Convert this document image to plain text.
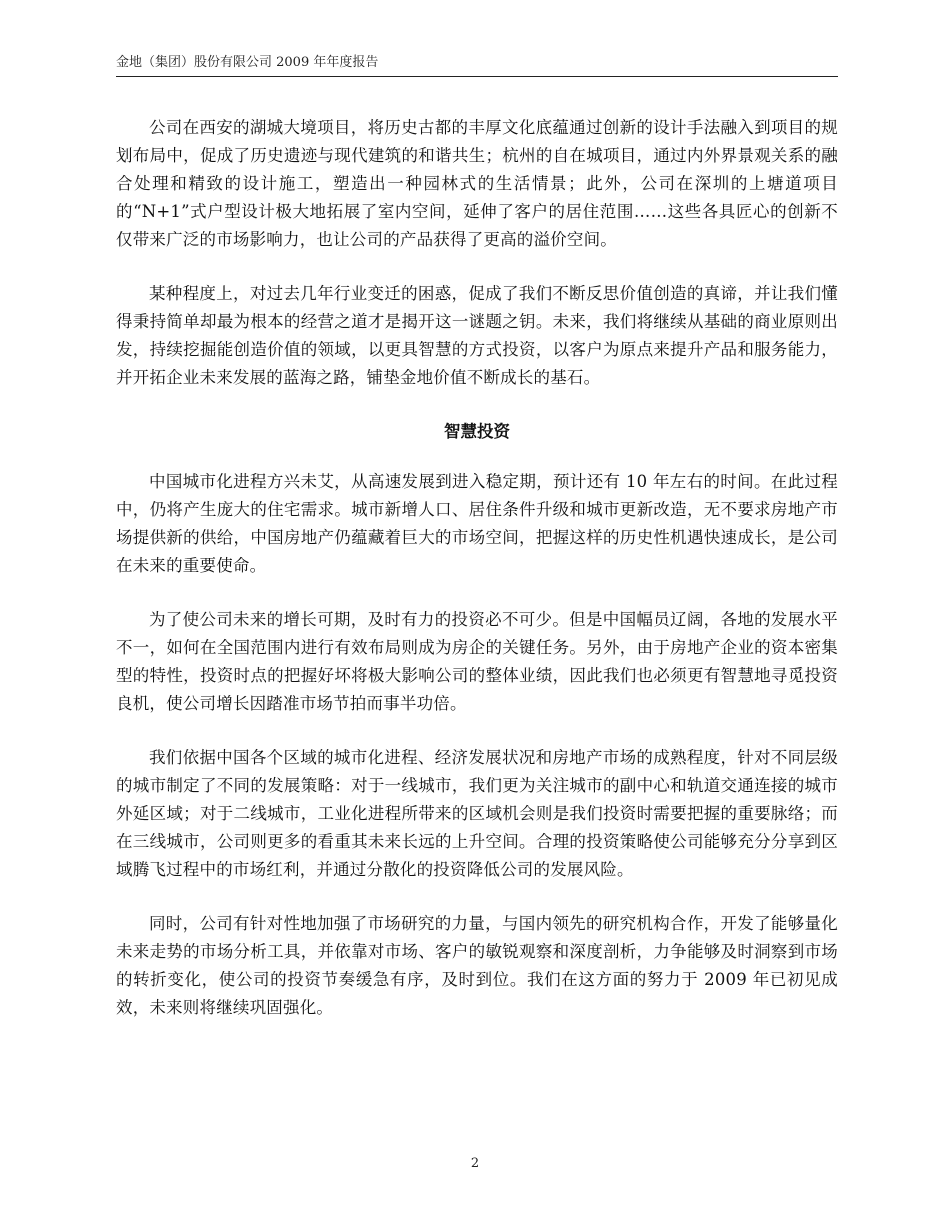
金地（集团）股份有限公司 2009 年年度报告

公司在西安的湖城大境项目，将历史古都的丰厚文化底蕴通过创新的设计手法融入到项目的规划布局中，促成了历史遗迹与现代建筑的和谐共生；杭州的自在城项目，通过内外界景观关系的融合处理和精致的设计施工，塑造出一种园林式的生活情景；此外，公司在深圳的上塘道项目的“N+1”式户型设计极大地拓展了室内空间，延伸了客户的居住范围……这些各具匠心的创新不仅带来广泛的市场影响力，也让公司的产品获得了更高的溢价空间。

某种程度上，对过去几年行业变迁的困惑，促成了我们不断反思价值创造的真谛，并让我们懂得秉持简单却最为根本的经营之道才是揭开这一谜题之钥。未来，我们将继续从基础的商业原则出发，持续挖掘能创造价值的领域，以更具智慧的方式投资，以客户为原点来提升产品和服务能力，并开拓企业未来发展的蓝海之路，铺垫金地价值不断成长的基石。

智慧投资

中国城市化进程方兴未艾，从高速发展到进入稳定期，预计还有 10 年左右的时间。在此过程中，仍将产生庞大的住宅需求。城市新增人口、居住条件升级和城市更新改造，无不要求房地产市场提供新的供给，中国房地产仍蕴藏着巨大的市场空间，把握这样的历史性机遇快速成长，是公司在未来的重要使命。

为了使公司未来的增长可期，及时有力的投资必不可少。但是中国幅员辽阔，各地的发展水平不一，如何在全国范围内进行有效布局则成为房企的关键任务。另外，由于房地产企业的资本密集型的特性，投资时点的把握好坏将极大影响公司的整体业绩，因此我们也必须更有智慧地寻觅投资良机，使公司增长因踏准市场节拍而事半功倍。

我们依据中国各个区域的城市化进程、经济发展状况和房地产市场的成熟程度，针对不同层级的城市制定了不同的发展策略：对于一线城市，我们更为关注城市的副中心和轨道交通连接的城市外延区域；对于二线城市，工业化进程所带来的区域机会则是我们投资时需要把握的重要脉络；而在三线城市，公司则更多的看重其未来长远的上升空间。合理的投资策略使公司能够充分分享到区域腾飞过程中的市场红利，并通过分散化的投资降低公司的发展风险。

同时，公司有针对性地加强了市场研究的力量，与国内领先的研究机构合作，开发了能够量化未来走势的市场分析工具，并依靠对市场、客户的敏锐观察和深度剖析，力争能够及时洞察到市场的转折变化，使公司的投资节奏缓急有序，及时到位。我们在这方面的努力于 2009 年已初见成效，未来则将继续巩固强化。

2
